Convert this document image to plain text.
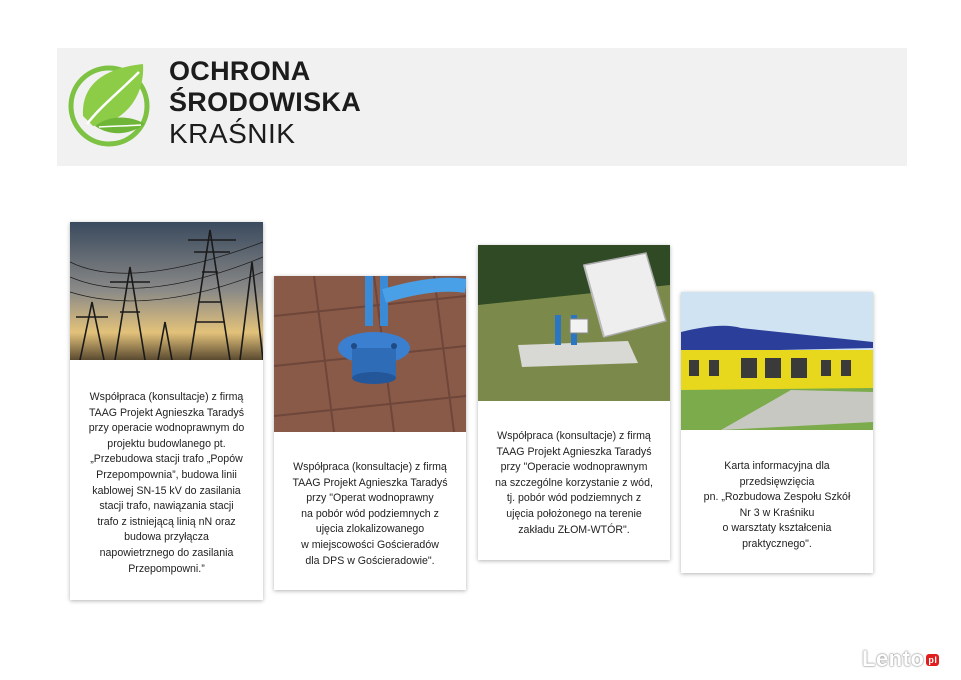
OCHRONA
ŚRODOWISKA
KRAŚNIK
Współpraca (konsultacje) z firmą
TAAG Projekt Agnieszka Taradyś
przy operacie wodnoprawnym do
projektu budowlanego pt.
„Przebudowa stacji trafo „Popów
Przepompownia”, budowa linii
kablowej SN-15 kV do zasilania
stacji trafo, nawiązania stacji
trafo z istniejącą linią nN oraz
budowa przyłącza
napowietrznego do zasilania
Przepompowni.”
Współpraca (konsultacje) z firmą
TAAG Projekt Agnieszka Taradyś
przy "Operat wodnoprawny
na pobór wód podziemnych z
ujęcia zlokalizowanego
w miejscowości Gościeradów
dla DPS w Gościeradowie".
Współpraca (konsultacje) z firmą
TAAG Projekt Agnieszka Taradyś
przy "Operacie wodnoprawnym
na szczególne korzystanie z wód,
tj. pobór wód podziemnych z
ujęcia położonego na terenie
zakładu ZŁOM-WTÓR".
Karta informacyjna dla
przedsięwzięcia
pn. „Rozbudowa Zespołu Szkół
Nr 3 w Kraśniku
o warsztaty kształcenia
praktycznego".
Lento pl
